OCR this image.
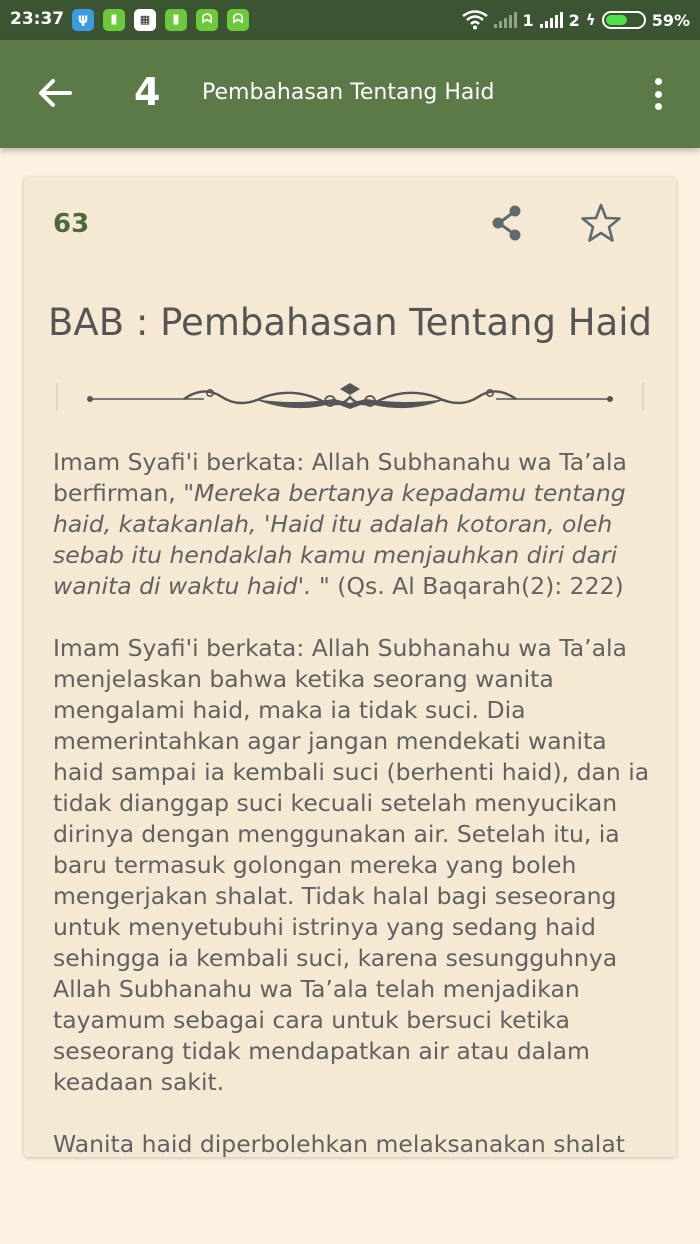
23:37	ψ	▮	▦	▮	ᗣ	ᗣ	1 2 ϟ	59%
4 Pembahasan Tentang Haid
63
BAB : Pembahasan Tentang Haid

Imam Syafi'i berkata: Allah Subhanahu wa Ta’ala berfirman, "Mereka bertanya kepadamu tentang haid, katakanlah, 'Haid itu adalah kotoran, oleh sebab itu hendaklah kamu menjauhkan diri dari wanita di waktu haid'. " (Qs. Al Baqarah(2): 222)

Imam Syafi'i berkata: Allah Subhanahu wa Ta’ala menjelaskan bahwa ketika seorang wanita mengalami haid, maka ia tidak suci. Dia memerintahkan agar jangan mendekati wanita haid sampai ia kembali suci (berhenti haid), dan ia tidak dianggap suci kecuali setelah menyucikan dirinya dengan menggunakan air. Setelah itu, ia baru termasuk golongan mereka yang boleh mengerjakan shalat. Tidak halal bagi seseorang untuk menyetubuhi istrinya yang sedang haid sehingga ia kembali suci, karena sesungguhnya Allah Subhanahu wa Ta’ala telah menjadikan tayamum sebagai cara untuk bersuci ketika seseorang tidak mendapatkan air atau dalam keadaan sakit.

Wanita haid diperbolehkan melaksanakan shalat
